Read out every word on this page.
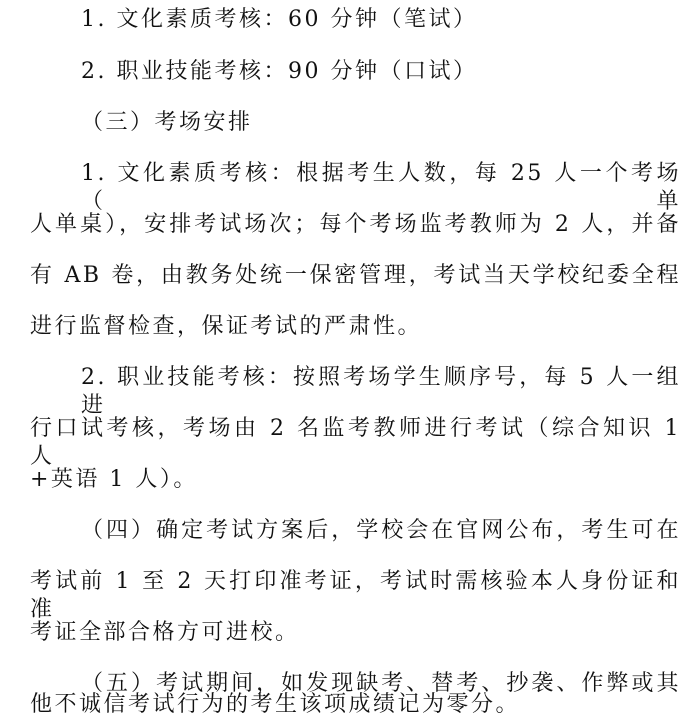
1. 文化素质考核：60 分钟（笔试）
2. 职业技能考核：90 分钟（口试）
（三）考场安排
1. 文化素质考核：根据考生人数，每 25 人一个考场（单
人单桌），安排考试场次；每个考场监考教师为 2 人，并备
有 AB 卷，由教务处统一保密管理，考试当天学校纪委全程
进行监督检查，保证考试的严肃性。
2. 职业技能考核：按照考场学生顺序号，每 5 人一组进
行口试考核，考场由 2 名监考教师进行考试（综合知识 1 人
+英语 1 人）。
（四）确定考试方案后，学校会在官网公布，考生可在
考试前 1 至 2 天打印准考证，考试时需核验本人身份证和准
考证全部合格方可进校。
（五）考试期间，如发现缺考、替考、抄袭、作弊或其
他不诚信考试行为的考生该项成绩记为零分。
